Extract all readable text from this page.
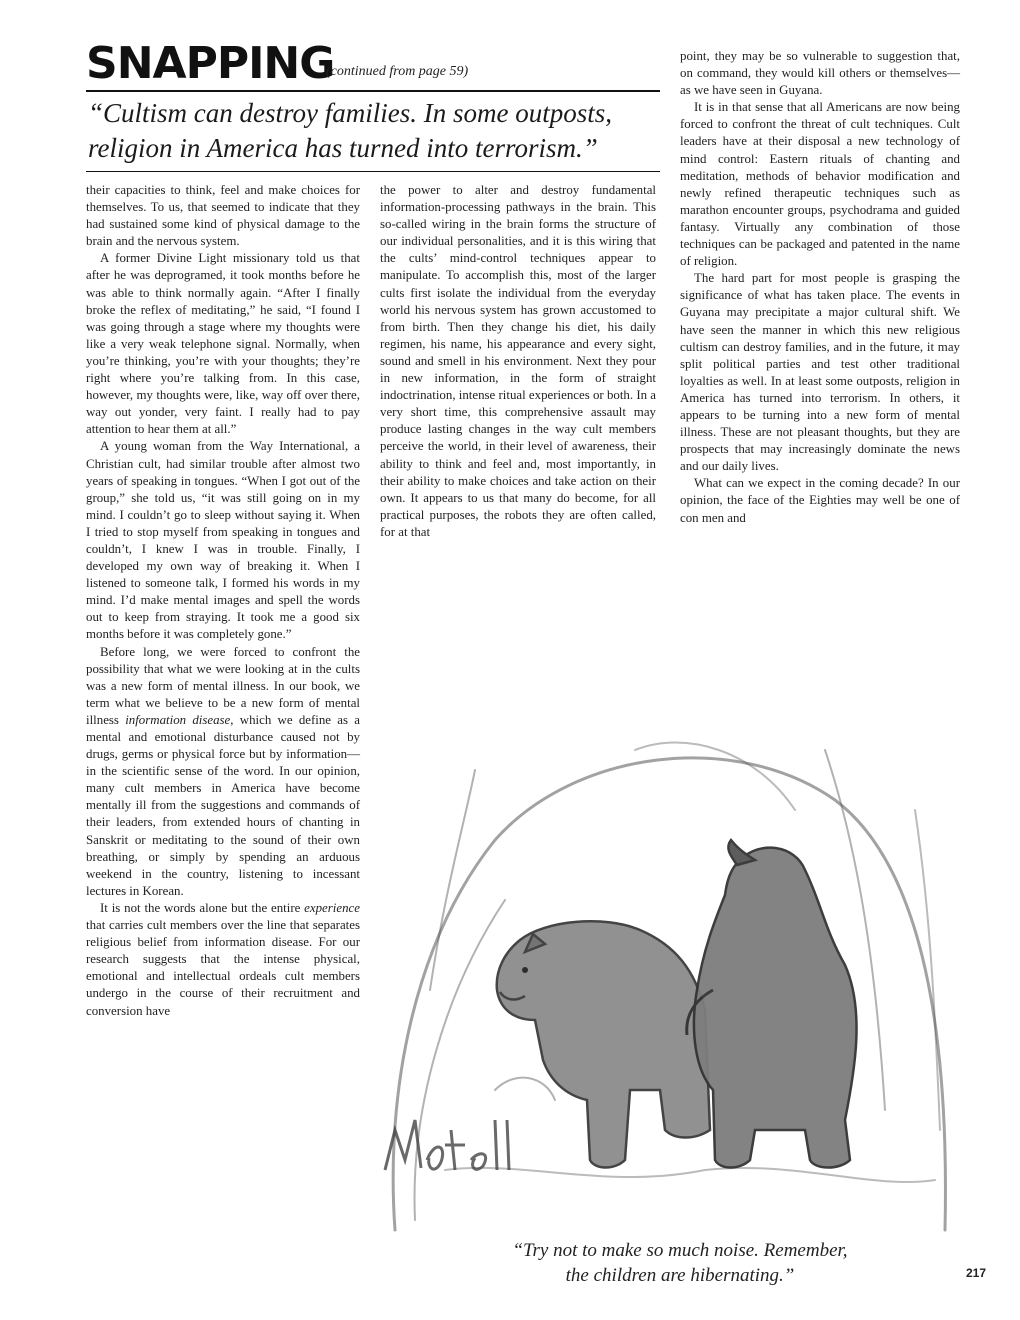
SNAPPING
(continued from page 59)
“Cultism can destroy families. In some outposts, religion in America has turned into terrorism.”

their capacities to think, feel and make choices for themselves. To us, that seemed to indicate that they had sustained some kind of physical damage to the brain and the nervous system.

A former Divine Light missionary told us that after he was deprogramed, it took months before he was able to think normally again. “After I finally broke the reflex of meditating,” he said, “I found I was going through a stage where my thoughts were like a very weak telephone signal. Normally, when you’re thinking, you’re with your thoughts; they’re right where you’re talking from. In this case, however, my thoughts were, like, way off over there, way out yonder, very faint. I really had to pay attention to hear them at all.”

A young woman from the Way International, a Christian cult, had similar trouble after almost two years of speaking in tongues. “When I got out of the group,” she told us, “it was still going on in my mind. I couldn’t go to sleep without saying it. When I tried to stop myself from speaking in tongues and couldn’t, I knew I was in trouble. Finally, I developed my own way of breaking it. When I listened to someone talk, I formed his words in my mind. I’d make mental images and spell the words out to keep from straying. It took me a good six months before it was completely gone.”

Before long, we were forced to confront the possibility that what we were looking at in the cults was a new form of mental illness. In our book, we term what we believe to be a new form of mental illness information disease, which we define as a mental and emotional disturbance caused not by drugs, germs or physical force but by information—in the scientific sense of the word. In our opinion, many cult members in America have become mentally ill from the suggestions and commands of their leaders, from extended hours of chanting in Sanskrit or meditating to the sound of their own breathing, or simply by spending an arduous weekend in the country, listening to incessant lectures in Korean.

It is not the words alone but the entire experience that carries cult members over the line that separates religious belief from information disease. For our research suggests that the intense physical, emotional and intellectual ordeals cult members undergo in the course of their recruitment and conversion have

the power to alter and destroy fundamental information-processing pathways in the brain. This so-called wiring in the brain forms the structure of our individual personalities, and it is this wiring that the cults’ mind-control techniques appear to manipulate. To accomplish this, most of the larger cults first isolate the individual from the everyday world his nervous system has grown accustomed to from birth. Then they change his diet, his daily regimen, his name, his appearance and every sight, sound and smell in his environment. Next they pour in new information, in the form of straight indoctrination, intense ritual experiences or both. In a very short time, this comprehensive assault may produce lasting changes in the way cult members perceive the world, in their level of awareness, their ability to think and feel and, most importantly, in their ability to make choices and take action on their own. It appears to us that many do become, for all practical purposes, the robots they are often called, for at that

point, they may be so vulnerable to suggestion that, on command, they would kill others or themselves—as we have seen in Guyana.

It is in that sense that all Americans are now being forced to confront the threat of cult techniques. Cult leaders have at their disposal a new technology of mind control: Eastern rituals of chanting and meditation, methods of behavior modification and newly refined therapeutic techniques such as marathon encounter groups, psychodrama and guided fantasy. Virtually any combination of those techniques can be packaged and patented in the name of religion.

The hard part for most people is grasping the significance of what has taken place. The events in Guyana may precipitate a major cultural shift. We have seen the manner in which this new religious cultism can destroy families, and in the future, it may split political parties and test other traditional loyalties as well. In at least some outposts, religion in America has turned into terrorism. In others, it appears to be turning into a new form of mental illness. These are not pleasant thoughts, but they are prospects that may increasingly dominate the news and our daily lives.

What can we expect in the coming decade? In our opinion, the face of the Eighties may well be one of con men and

“Try not to make so much noise. Remember,
the children are hibernating.”	217
